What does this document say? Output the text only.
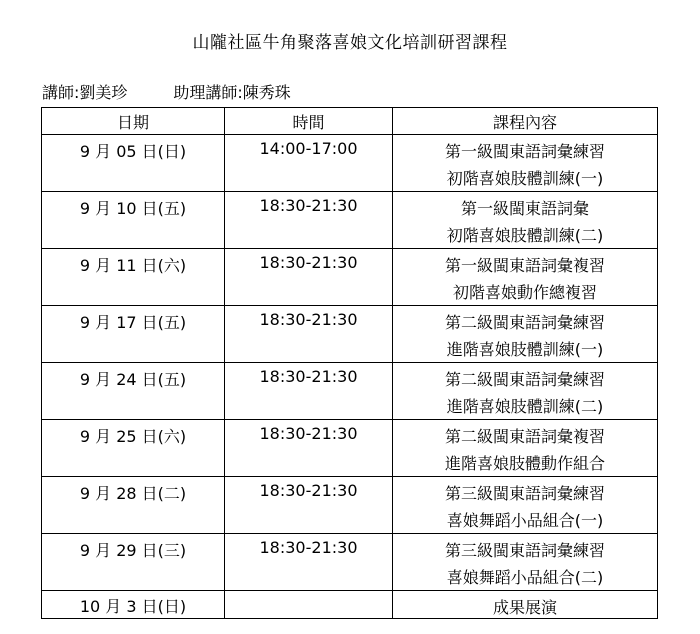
山隴社區牛角聚落喜娘文化培訓研習課程
講師:劉美珍	助理講師:陳秀珠
日期	時間	課程內容

9 月 05 日(日)	14:00-17:00	第一級閩東語詞彙練習
初階喜娘肢體訓練(一)

9 月 10 日(五)	18:30-21:30	第一級閩東語詞彙
初階喜娘肢體訓練(二)

9 月 11 日(六)	18:30-21:30	第一級閩東語詞彙複習
初階喜娘動作總複習

9 月 17 日(五)	18:30-21:30	第二級閩東語詞彙練習
進階喜娘肢體訓練(一)

9 月 24 日(五)	18:30-21:30	第二級閩東語詞彙練習
進階喜娘肢體訓練(二)

9 月 25 日(六)	18:30-21:30	第二級閩東語詞彙複習
進階喜娘肢體動作組合

9 月 28 日(二)	18:30-21:30	第三級閩東語詞彙練習
喜娘舞蹈小品組合(一)

9 月 29 日(三)	18:30-21:30	第三級閩東語詞彙練習
喜娘舞蹈小品組合(二)

10 月 3 日(日)		成果展演
